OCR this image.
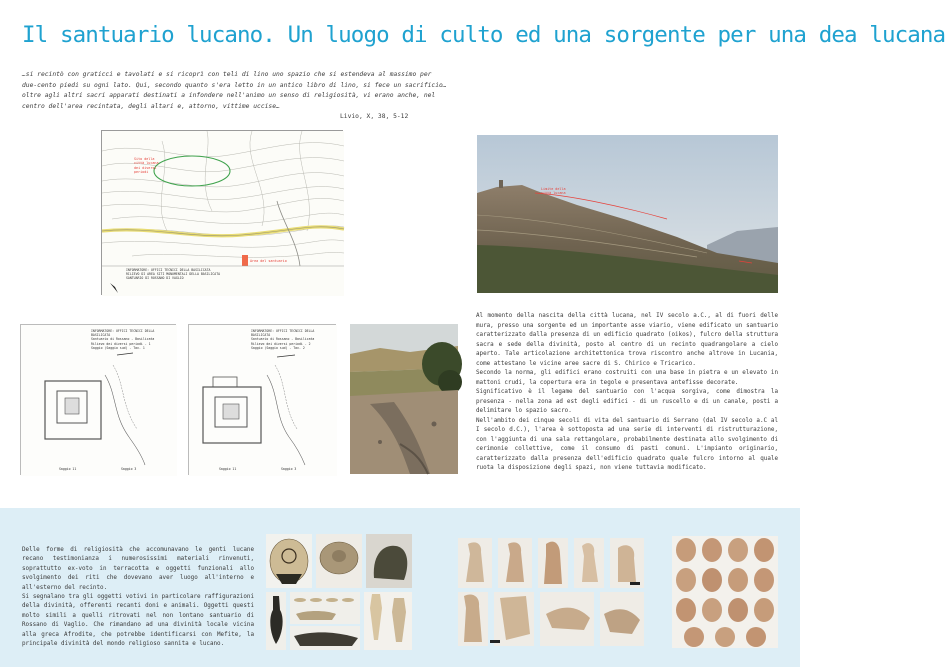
Il santuario lucano. Un luogo di culto ed una sorgente per una dea lucana
…si recintò con graticci e tavolati e si ricoprì con teli di lino uno spazio che si estendeva al massimo per due-cento piedi su ogni lato. Qui, secondo quanto s'era letto in un antico libro di lino, si fece un sacrificio…oltre agli altri sacri apparati destinati a infondere nell'animo un senso di religiosità, vi erano anche, nel centro dell'area recintata, degli altari e, attorno, vittime uccise…
Livio, X, 38, 5-12
Sito della città lucana dei diversi periodi
Area del santuario
INFORMATORE: UFFICI TECNICI DELLA BASILICATA
RILIEVO DI AREA SITI MONUMENTALI DELLA BASILICATA
SANTUARIO DI ROSSANO DI VAGLIO
Limite della città lucana
INFORMATORE: UFFICI TECNICI DELLA BASILICATA
Santuario di Rossano - Basilicata
Rilievo dei diversi periodi - 1
Saggio (Saggio sud) - Tav. 1
Saggio 11	Saggio 3
INFORMATORE: UFFICI TECNICI DELLA BASILICATA
Santuario di Rossano - Basilicata
Rilievo dei diversi periodi - 2
Saggio (Saggio sud) - Tav. 2
Saggio 11	Saggio 3

Al momento della nascita della città lucana, nel IV secolo a.C., al di fuori delle mura, presso una sorgente ed un importante asse viario, viene edificato un santuario caratterizzato dalla presenza di un edificio quadrato (oikos), fulcro della struttura sacra e sede della divinità, posto al centro di un recinto quadrangolare a cielo aperto. Tale articolazione architettonica trova riscontro anche altrove in Lucania, come attestano le vicine aree sacre di S. Chirico e Tricarico.

Secondo la norma, gli edifici erano costruiti con una base in pietra e un elevato in mattoni crudi, la copertura era in tegole e presentava antefisse decorate.

Significativo è il legame del santuario con l'acqua sorgiva, come dimostra la presenza - nella zona ad est degli edifici - di un ruscello e di un canale, posti a delimitare lo spazio sacro.

Nell'ambito dei cinque secoli di vita del santuario di Serrano (dal IV secolo a.C al I secolo d.C.), l'area è sottoposta ad una serie di interventi di ristrutturazione, con l'aggiunta di una sala rettangolare, probabilmente destinata allo svolgimento di cerimonie collettive, come il consumo di pasti comuni. L'impianto originario, caratterizzato dalla presenza dell'edificio quadrato quale fulcro intorno al quale ruota la disposizione degli spazi, non viene tuttavia modificato.

Delle forme di religiosità che accomunavano le genti lucane recano testimonianza i numerosissimi materiali rinvenuti, soprattutto ex-voto in terracotta e oggetti funzionali allo svolgimento dei riti che dovevano aver luogo all'interno e all'esterno del recinto.

Si segnalano tra gli oggetti votivi in particolare raffigurazioni della divinità, offerenti recanti doni e animali. Oggetti questi molto simili a quelli ritrovati nel non lontano santuario di Rossano di Vaglio. Che rimandano ad una divinità locale vicina alla greca Afrodite, che potrebbe identificarsi con Mefite, la principale divinità del mondo religioso sannita e lucano.
